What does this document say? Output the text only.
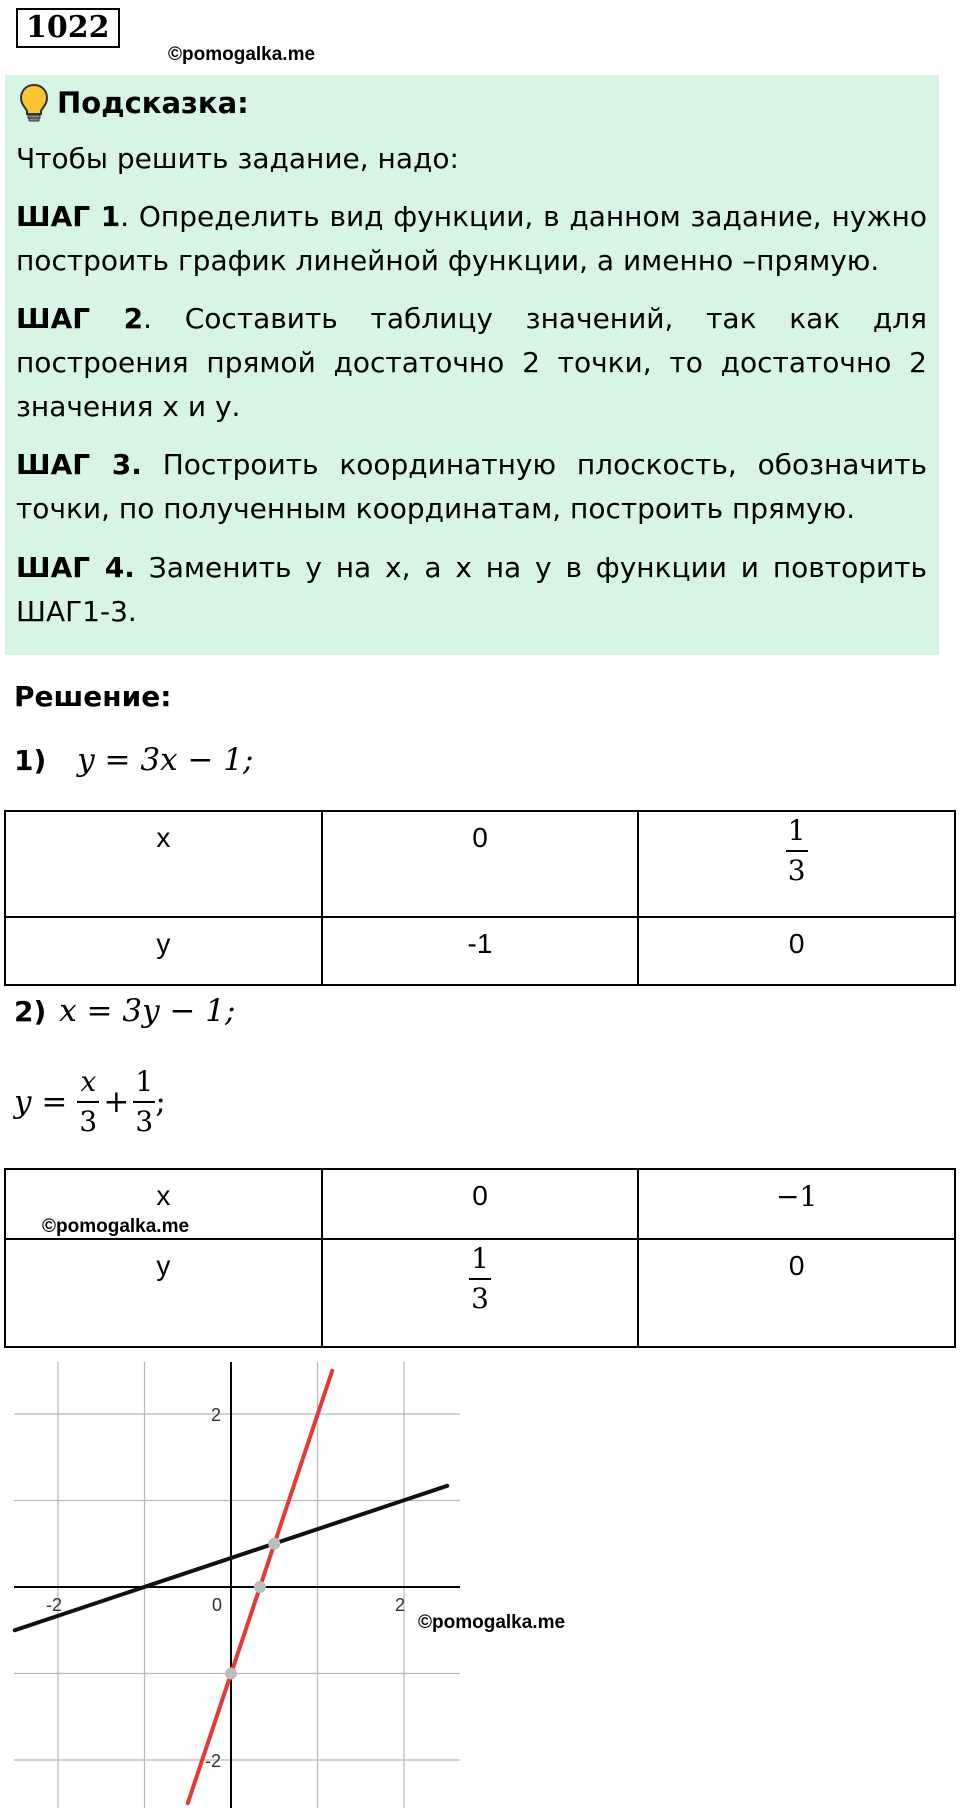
1022
©pomogalka.me
Подсказка:

Чтобы решить задание, надо:

ШАГ 1. Определить вид функции, в данном задание, нужно построить график линейной функции, а именно –прямую.

ШАГ 2. Составить таблицу значений, так как для построения прямой достаточно 2 точки, то достаточно 2 значения х и у.

ШАГ 3. Построить координатную плоскость, обозначить точки, по полученным координатам, построить прямую.

ШАГ 4. Заменить у на х, а х на у в функции и повторить ШАГ1-3.

Решение:
1) y = 3x − 1;
x	0	$\frac{1}{3}$

y	-1	0
2) x = 3y − 1;
$y = \frac{x}{3} + \frac{1}{3}$ ;
x	0	−1
y	$\frac{1}{3}$	0
©pomogalka.me
-2	0	2
2
-2
©pomogalka.me
